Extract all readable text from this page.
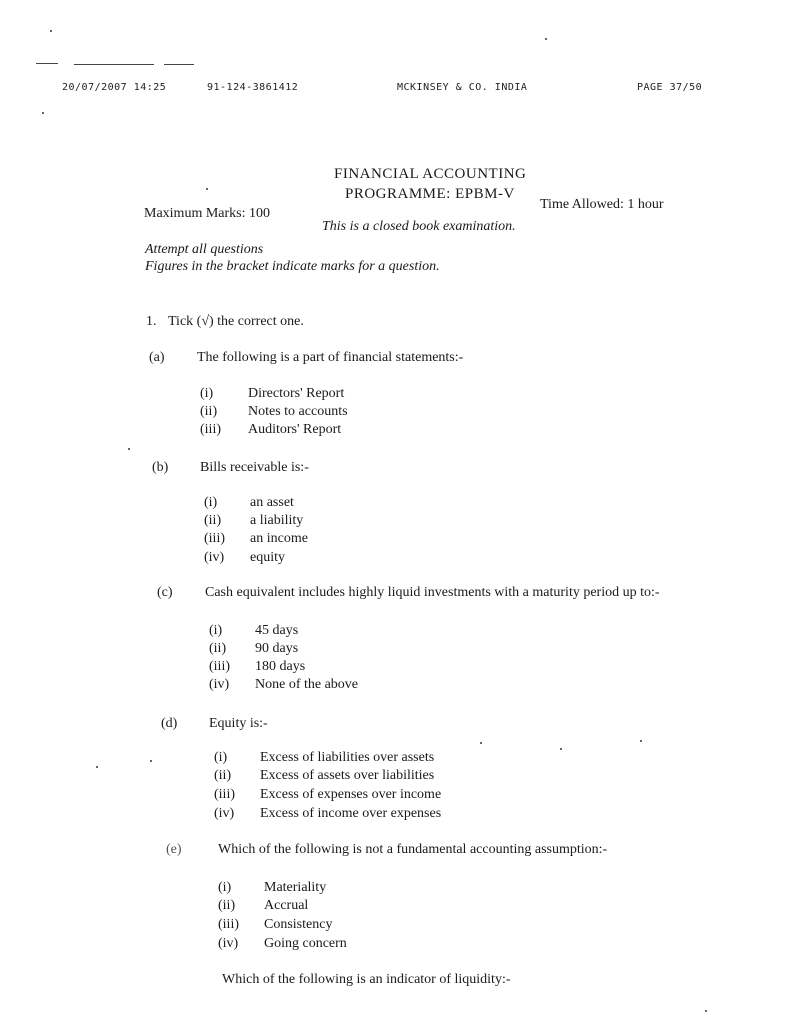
20/07/2007 14:25	91-124-3861412	MCKINSEY & CO. INDIA	PAGE 37/50
FINANCIAL ACCOUNTING
PROGRAMME: EPBM-V
Maximum Marks: 100
Time Allowed: 1 hour
This is a closed book examination.
Attempt all questions
Figures in the bracket indicate marks for a question.
1. Tick (√) the correct one.
(a) The following is a part of financial statements:-
(i) Directors' Report
(ii) Notes to accounts
(iii) Auditors' Report
(b) Bills receivable is:-
(i) an asset
(ii) a liability
(iii) an income
(iv) equity
(c) Cash equivalent includes highly liquid investments with a maturity period up to:-
(i) 45 days
(ii) 90 days
(iii) 180 days
(iv) None of the above
(d) Equity is:-
(i) Excess of liabilities over assets
(ii) Excess of assets over liabilities
(iii) Excess of expenses over income
(iv) Excess of income over expenses
(e)	Which of the following is not a fundamental accounting assumption:-
(i) Materiality
(ii) Accrual
(iii) Consistency
(iv) Going concern
Which of the following is an indicator of liquidity:-
